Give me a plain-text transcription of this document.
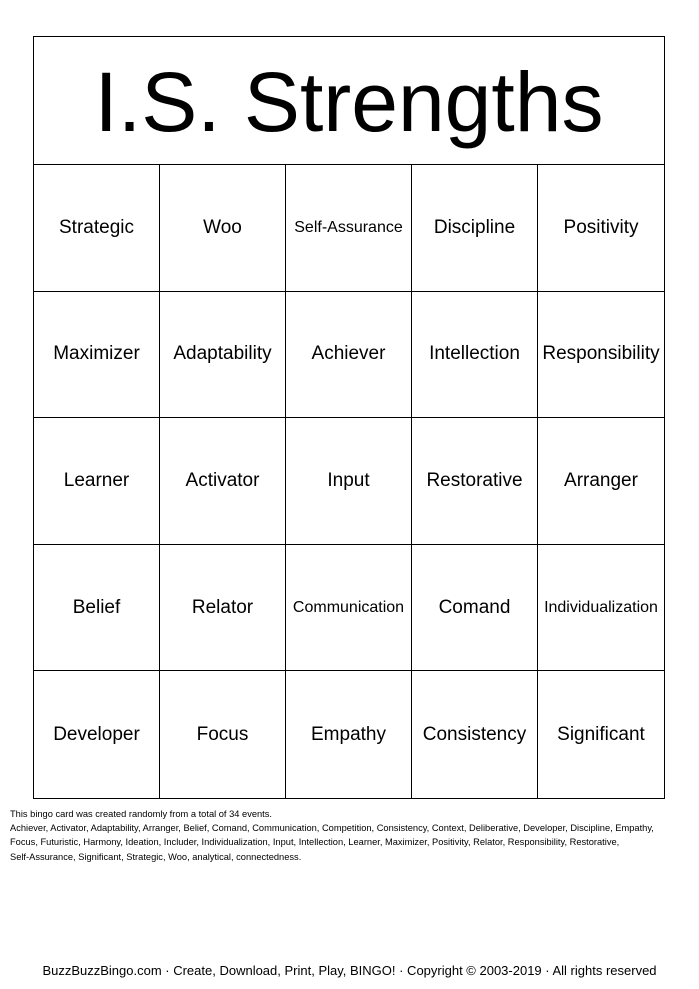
I.S. Strengths
Strategic	Woo	Self-Assurance	Discipline	Positivity
Maximizer	Adaptability	Achiever	Intellection	Responsibility
Learner	Activator	Input	Restorative	Arranger
Belief	Relator	Communication	Comand	Individualization
Developer	Focus	Empathy	Consistency	Significant
This bingo card was created randomly from a total of 34 events.
Achiever, Activator, Adaptability, Arranger, Belief, Comand, Communication, Competition, Consistency, Context, Deliberative, Developer, Discipline, Empathy,
Focus, Futuristic, Harmony, Ideation, Includer, Individualization, Input, Intellection, Learner, Maximizer, Positivity, Relator, Responsibility, Restorative,
Self-Assurance, Significant, Strategic, Woo, analytical, connectedness.
BuzzBuzzBingo.com · Create, Download, Print, Play, BINGO! · Copyright © 2003-2019 · All rights reserved
